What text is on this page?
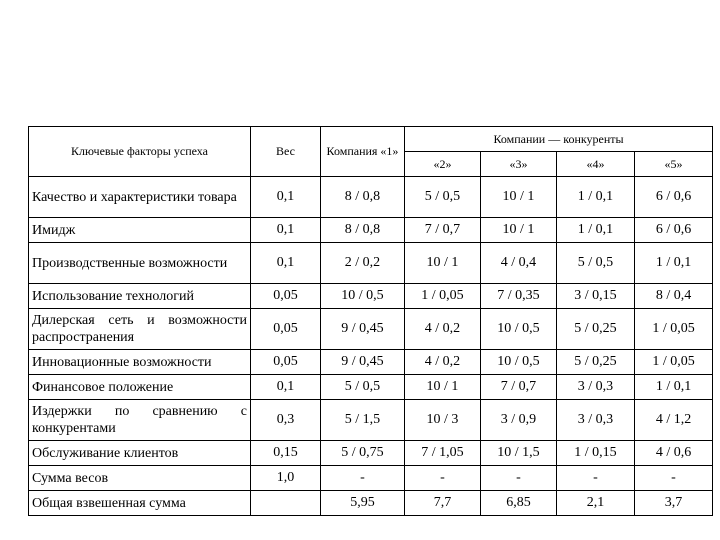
Ключевые факторы успеха	Вес	Компания «1»	Компании — конкуренты			
			«2»	«3»	«4»	«5»
Качество и характеристики товара	0,1	8 / 0,8	5 / 0,5	10 / 1	1 / 0,1	6 / 0,6
Имидж	0,1	8 / 0,8	7 / 0,7	10 / 1	1 / 0,1	6 / 0,6
Производственные возможности	0,1	2 / 0,2	10 / 1	4 / 0,4	5 / 0,5	1 / 0,1
Использование технологий	0,05	10 / 0,5	1 / 0,05	7 / 0,35	3 / 0,15	8 / 0,4
Дилерская сеть и возможности распространения	0,05	9 / 0,45	4 / 0,2	10 / 0,5	5 / 0,25	1 / 0,05
Инновационные возможности	0,05	9 / 0,45	4 / 0,2	10 / 0,5	5 / 0,25	1 / 0,05
Финансовое положение	0,1	5 / 0,5	10 / 1	7 / 0,7	3 / 0,3	1 / 0,1
Издержки по сравнению с конкурентами	0,3	5 / 1,5	10 / 3	3 / 0,9	3 / 0,3	4 / 1,2
Обслуживание клиентов	0,15	5 / 0,75	7 / 1,05	10 / 1,5	1 / 0,15	4 / 0,6
Сумма весов	1,0	-	-	-	-	-
Общая взвешенная сумма		5,95	7,7	6,85	2,1	3,7
